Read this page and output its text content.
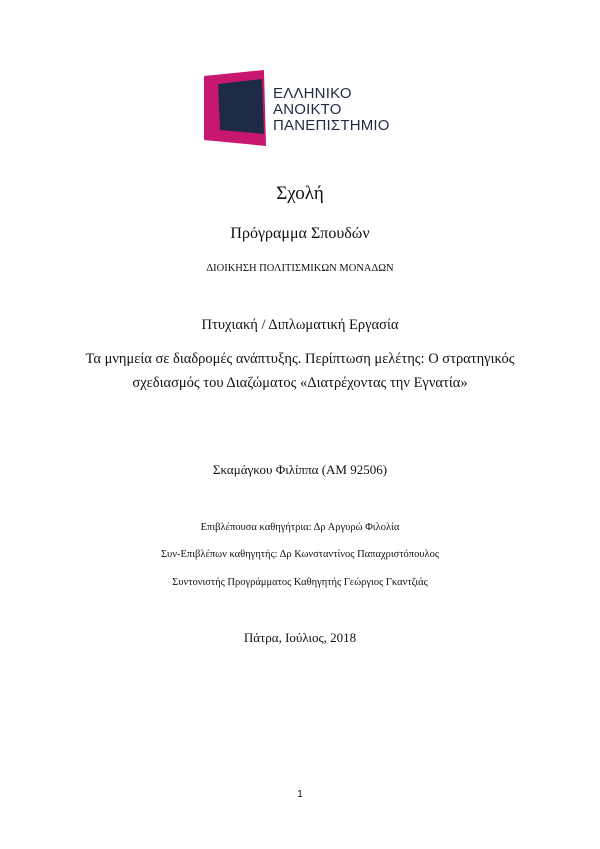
ΕΛΛΗΝΙΚΟ
ΑΝΟΙΚΤΟ
ΠΑΝΕΠΙΣΤΗΜΙΟ
Σχολή
Πρόγραμμα Σπουδών
ΔΙΟΙΚΗΣΗ ΠΟΛΙΤΙΣΜΙΚΩΝ ΜΟΝΑΔΩΝ
Πτυχιακή / Διπλωματική Εργασία
Τα μνημεία σε διαδρομές ανάπτυξης. Περίπτωση μελέτης: Ο στρατηγικός σχεδιασμός του Διαζώματος «Διατρέχοντας την Εγνατία»
Σκαμάγκου Φιλίππα (ΑΜ 92506)
Επιβλέπουσα καθηγήτρια: Δρ Αργυρώ Φιλολία
Συν-Επιβλέπων καθηγητής: Δρ Κωνσταντίνος Παπαχριστόπουλος
Συντονιστής Προγράμματος Καθηγητής Γεώργιος Γκαντζιάς
Πάτρα, Ιούλιος, 2018
1
